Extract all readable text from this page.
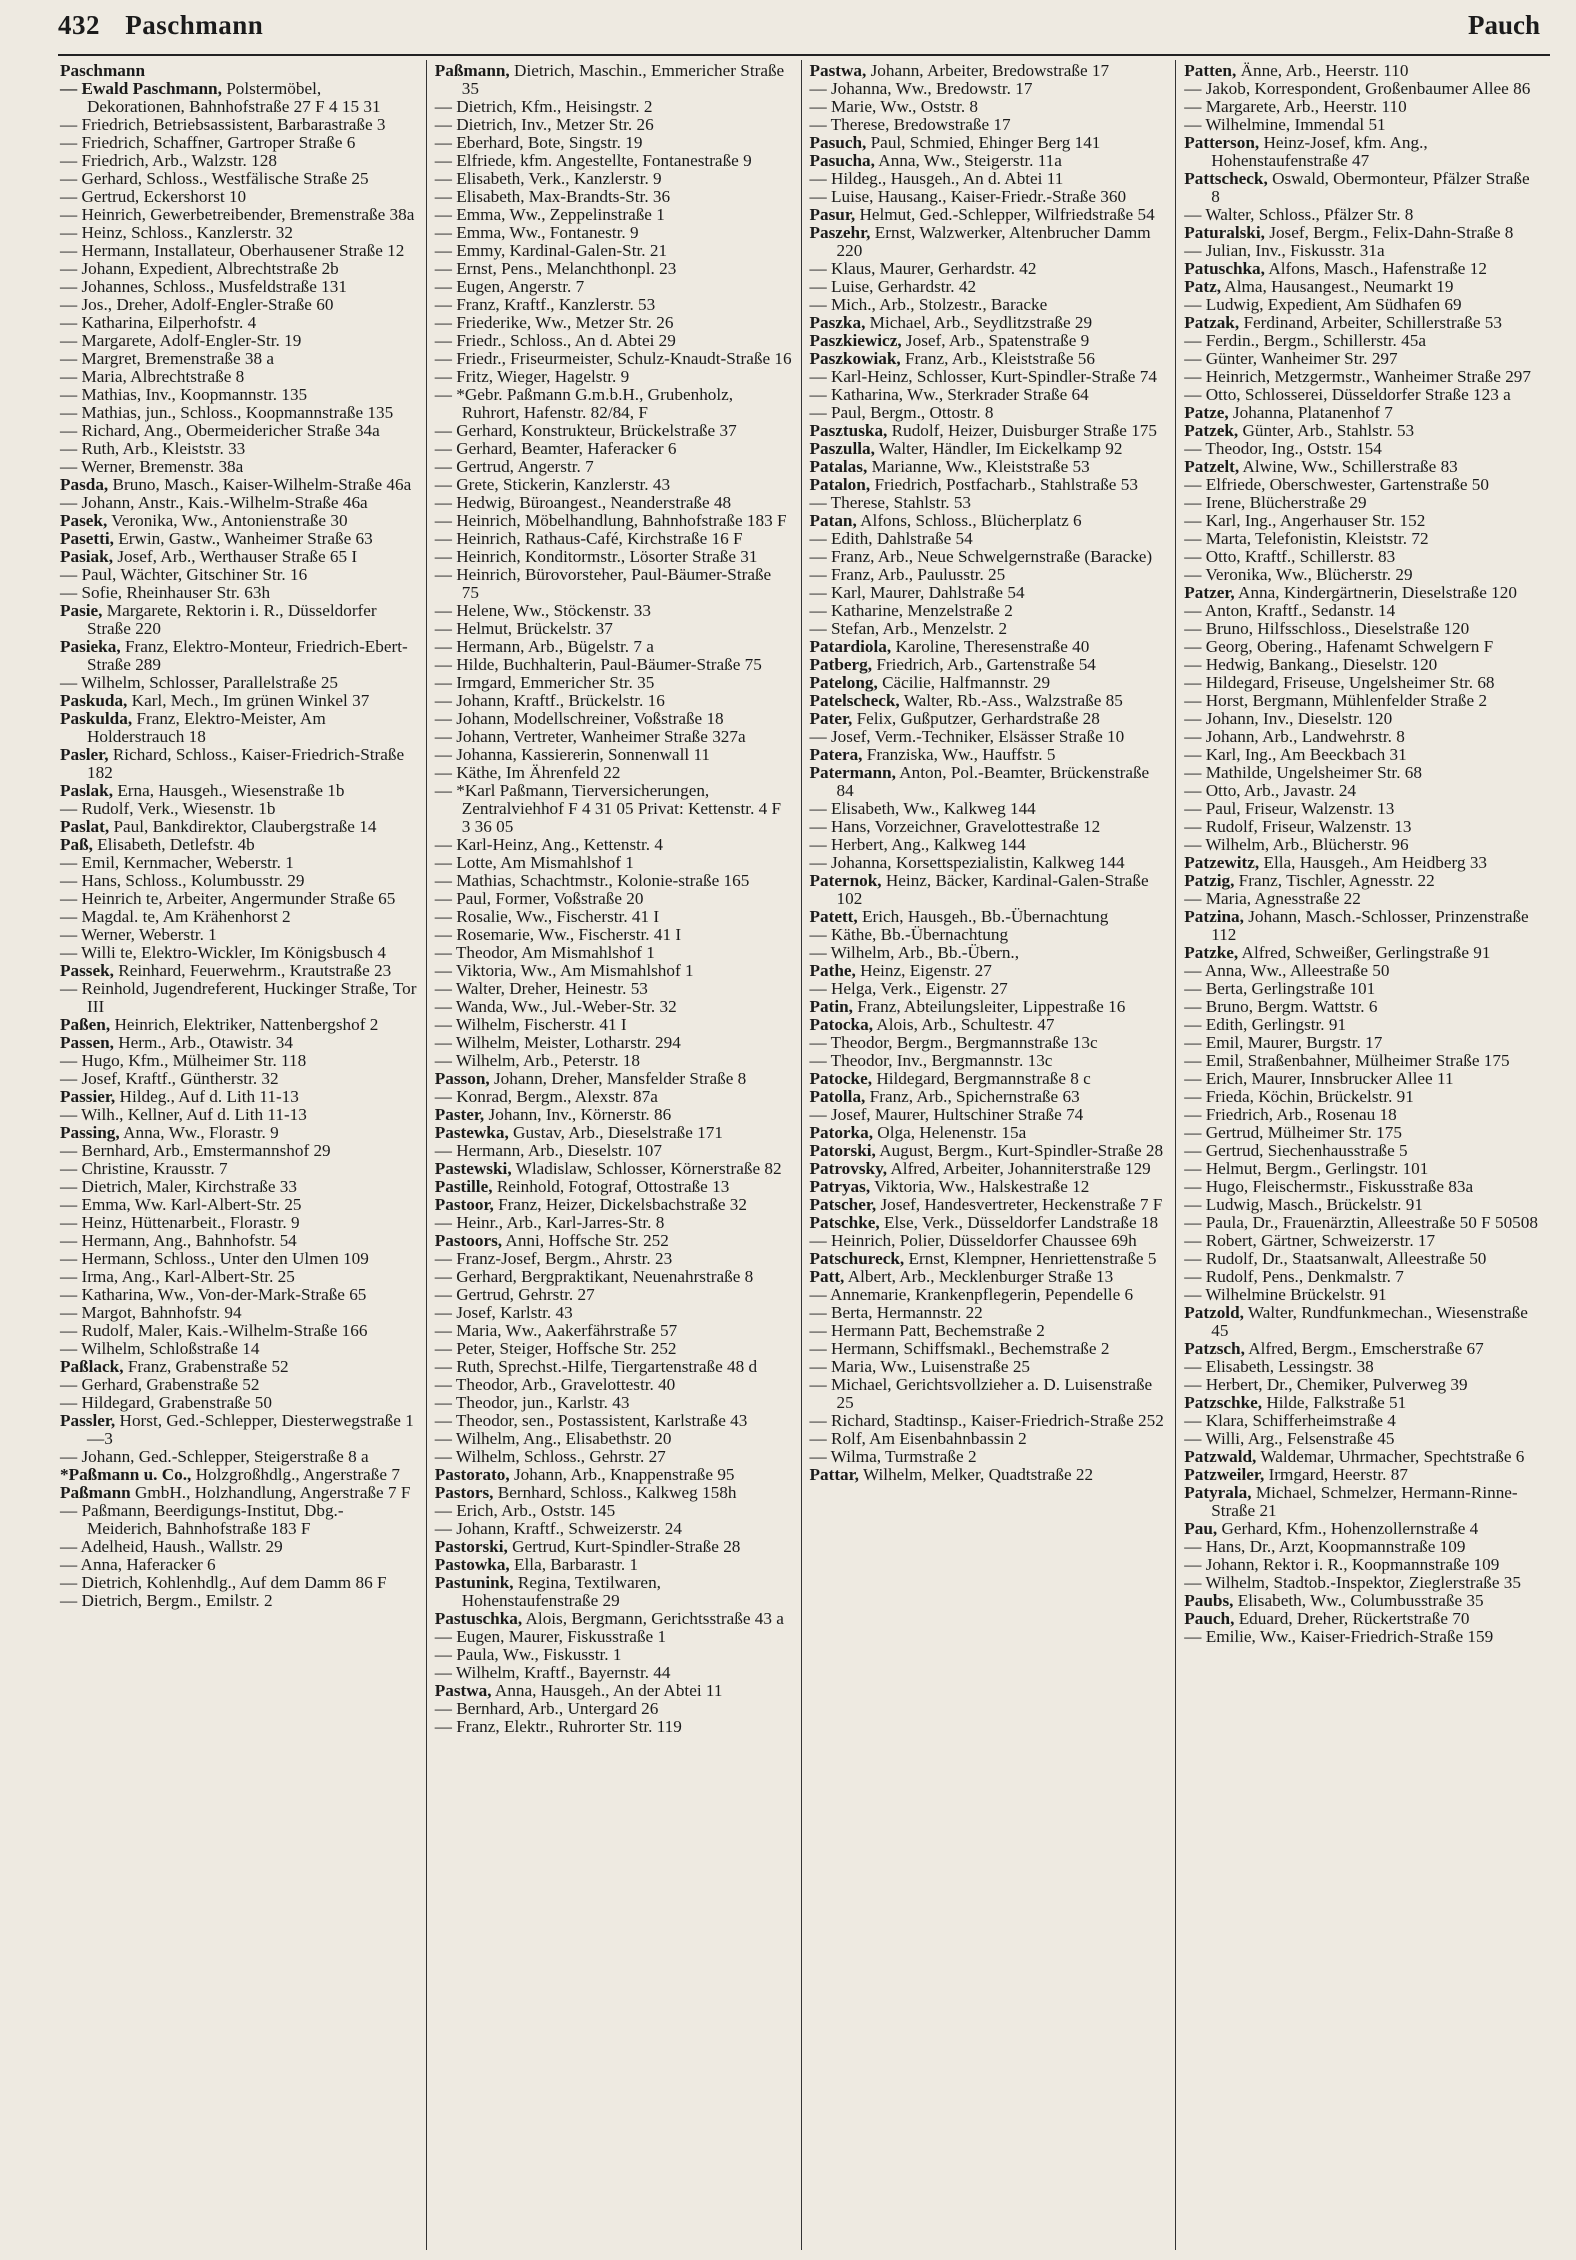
432 Paschmann	Pauch

Paschmann

— Ewald Paschmann, Polstermöbel, Dekorationen, Bahnhofstraße 27 F 4 15 31

— Friedrich, Betriebsassistent, Barbarastraße 3

— Friedrich, Schaffner, Gartroper Straße 6

— Friedrich, Arb., Walzstr. 128

— Gerhard, Schloss., Westfälische Straße 25

— Gertrud, Eckershorst 10

— Heinrich, Gewerbetreibender, Bremenstraße 38a

— Heinz, Schloss., Kanzlerstr. 32

— Hermann, Installateur, Oberhausener Straße 12

— Johann, Expedient, Albrechtstraße 2b

— Johannes, Schloss., Musfeldstraße 131

— Jos., Dreher, Adolf-Engler-Straße 60

— Katharina, Eilperhofstr. 4

— Margarete, Adolf-Engler-Str. 19

— Margret, Bremenstraße 38 a

— Maria, Albrechtstraße 8

— Mathias, Inv., Koopmannstr. 135

— Mathias, jun., Schloss., Koopmannstraße 135

— Richard, Ang., Obermeidericher Straße 34a

— Ruth, Arb., Kleiststr. 33

— Werner, Bremenstr. 38a

Pasda, Bruno, Masch., Kaiser-Wilhelm-Straße 46a

— Johann, Anstr., Kais.-Wilhelm-Straße 46a

Pasek, Veronika, Ww., Antonienstraße 30

Pasetti, Erwin, Gastw., Wanheimer Straße 63

Pasiak, Josef, Arb., Werthauser Straße 65 I

— Paul, Wächter, Gitschiner Str. 16

— Sofie, Rheinhauser Str. 63h

Pasie, Margarete, Rektorin i. R., Düsseldorfer Straße 220

Pasieka, Franz, Elektro-Monteur, Friedrich-Ebert-Straße 289

— Wilhelm, Schlosser, Parallelstraße 25

Paskuda, Karl, Mech., Im grünen Winkel 37

Paskulda, Franz, Elektro-Meister, Am Holderstrauch 18

Pasler, Richard, Schloss., Kaiser-Friedrich-Straße 182

Paslak, Erna, Hausgeh., Wiesenstraße 1b

— Rudolf, Verk., Wiesenstr. 1b

Paslat, Paul, Bankdirektor, Claubergstraße 14

Paß, Elisabeth, Detlefstr. 4b

— Emil, Kernmacher, Weberstr. 1

— Hans, Schloss., Kolumbusstr. 29

— Heinrich te, Arbeiter, Angermunder Straße 65

— Magdal. te, Am Krähenhorst 2

— Werner, Weberstr. 1

— Willi te, Elektro-Wickler, Im Königsbusch 4

Passek, Reinhard, Feuerwehrm., Krautstraße 23

— Reinhold, Jugendreferent, Huckinger Straße, Tor III

Paßen, Heinrich, Elektriker, Nattenbergshof 2

Passen, Herm., Arb., Otawistr. 34

— Hugo, Kfm., Mülheimer Str. 118

— Josef, Kraftf., Güntherstr. 32

Passier, Hildeg., Auf d. Lith 11-13

— Wilh., Kellner, Auf d. Lith 11-13

Passing, Anna, Ww., Florastr. 9

— Bernhard, Arb., Emstermannshof 29

— Christine, Krausstr. 7

— Dietrich, Maler, Kirchstraße 33

— Emma, Ww. Karl-Albert-Str. 25

— Heinz, Hüttenarbeit., Florastr. 9

— Hermann, Ang., Bahnhofstr. 54

— Hermann, Schloss., Unter den Ulmen 109

— Irma, Ang., Karl-Albert-Str. 25

— Katharina, Ww., Von-der-Mark-Straße 65

— Margot, Bahnhofstr. 94

— Rudolf, Maler, Kais.-Wilhelm-Straße 166

— Wilhelm, Schloßstraße 14

Paßlack, Franz, Grabenstraße 52

— Gerhard, Grabenstraße 52

— Hildegard, Grabenstraße 50

Passler, Horst, Ged.-Schlepper, Diesterwegstraße 1—3

— Johann, Ged.-Schlepper, Steigerstraße 8 a

*Paßmann u. Co., Holzgroßhdlg., Angerstraße 7

Paßmann GmbH., Holzhandlung, Angerstraße 7 F

— Paßmann, Beerdigungs-Institut, Dbg.-Meiderich, Bahnhofstraße 183 F

— Adelheid, Haush., Wallstr. 29

— Anna, Haferacker 6

— Dietrich, Kohlenhdlg., Auf dem Damm 86 F

— Dietrich, Bergm., Emilstr. 2

Paßmann, Dietrich, Maschin., Emmericher Straße 35

— Dietrich, Kfm., Heisingstr. 2

— Dietrich, Inv., Metzer Str. 26

— Eberhard, Bote, Singstr. 19

— Elfriede, kfm. Angestellte, Fontanestraße 9

— Elisabeth, Verk., Kanzlerstr. 9

— Elisabeth, Max-Brandts-Str. 36

— Emma, Ww., Zeppelinstraße 1

— Emma, Ww., Fontanestr. 9

— Emmy, Kardinal-Galen-Str. 21

— Ernst, Pens., Melanchthonpl. 23

— Eugen, Angerstr. 7

— Franz, Kraftf., Kanzlerstr. 53

— Friederike, Ww., Metzer Str. 26

— Friedr., Schloss., An d. Abtei 29

— Friedr., Friseurmeister, Schulz-Knaudt-Straße 16

— Fritz, Wieger, Hagelstr. 9

— *Gebr. Paßmann G.m.b.H., Grubenholz, Ruhrort, Hafenstr. 82/84, F

— Gerhard, Konstrukteur, Brückelstraße 37

— Gerhard, Beamter, Haferacker 6

— Gertrud, Angerstr. 7

— Grete, Stickerin, Kanzlerstr. 43

— Hedwig, Büroangest., Neanderstraße 48

— Heinrich, Möbelhandlung, Bahnhofstraße 183 F

— Heinrich, Rathaus-Café, Kirchstraße 16 F

— Heinrich, Konditormstr., Lösorter Straße 31

— Heinrich, Bürovorsteher, Paul-Bäumer-Straße 75

— Helene, Ww., Stöckenstr. 33

— Helmut, Brückelstr. 37

— Hermann, Arb., Bügelstr. 7 a

— Hilde, Buchhalterin, Paul-Bäumer-Straße 75

— Irmgard, Emmericher Str. 35

— Johann, Kraftf., Brückelstr. 16

— Johann, Modellschreiner, Voßstraße 18

— Johann, Vertreter, Wanheimer Straße 327a

— Johanna, Kassiererin, Sonnenwall 11

— Käthe, Im Ährenfeld 22

— *Karl Paßmann, Tierversicherungen, Zentralviehhof F 4 31 05 Privat: Kettenstr. 4 F 3 36 05

— Karl-Heinz, Ang., Kettenstr. 4

— Lotte, Am Mismahlshof 1

— Mathias, Schachtmstr., Kolonie-straße 165

— Paul, Former, Voßstraße 20

— Rosalie, Ww., Fischerstr. 41 I

— Rosemarie, Ww., Fischerstr. 41 I

— Theodor, Am Mismahlshof 1

— Viktoria, Ww., Am Mismahlshof 1

— Walter, Dreher, Heinestr. 53

— Wanda, Ww., Jul.-Weber-Str. 32

— Wilhelm, Fischerstr. 41 I

— Wilhelm, Meister, Lotharstr. 294

— Wilhelm, Arb., Peterstr. 18

Passon, Johann, Dreher, Mansfelder Straße 8

— Konrad, Bergm., Alexstr. 87a

Paster, Johann, Inv., Körnerstr. 86

Pastewka, Gustav, Arb., Dieselstraße 171

— Hermann, Arb., Dieselstr. 107

Pastewski, Wladislaw, Schlosser, Körnerstraße 82

Pastille, Reinhold, Fotograf, Ottostraße 13

Pastoor, Franz, Heizer, Dickelsbachstraße 32

— Heinr., Arb., Karl-Jarres-Str. 8

Pastoors, Anni, Hoffsche Str. 252

— Franz-Josef, Bergm., Ahrstr. 23

— Gerhard, Bergpraktikant, Neuenahrstraße 8

— Gertrud, Gehrstr. 27

— Josef, Karlstr. 43

— Maria, Ww., Aakerfährstraße 57

— Peter, Steiger, Hoffsche Str. 252

— Ruth, Sprechst.-Hilfe, Tiergartenstraße 48 d

— Theodor, Arb., Gravelottestr. 40

— Theodor, jun., Karlstr. 43

— Theodor, sen., Postassistent, Karlstraße 43

— Wilhelm, Ang., Elisabethstr. 20

— Wilhelm, Schloss., Gehrstr. 27

Pastorato, Johann, Arb., Knappenstraße 95

Pastors, Bernhard, Schloss., Kalkweg 158h

— Erich, Arb., Oststr. 145

— Johann, Kraftf., Schweizerstr. 24

Pastorski, Gertrud, Kurt-Spindler-Straße 28

Pastowka, Ella, Barbarastr. 1

Pastunink, Regina, Textilwaren, Hohenstaufenstraße 29

Pastuschka, Alois, Bergmann, Gerichtsstraße 43 a

— Eugen, Maurer, Fiskusstraße 1

— Paula, Ww., Fiskusstr. 1

— Wilhelm, Kraftf., Bayernstr. 44

Pastwa, Anna, Hausgeh., An der Abtei 11

— Bernhard, Arb., Untergard 26

— Franz, Elektr., Ruhrorter Str. 119

Pastwa, Johann, Arbeiter, Bredowstraße 17

— Johanna, Ww., Bredowstr. 17

— Marie, Ww., Oststr. 8

— Therese, Bredowstraße 17

Pasuch, Paul, Schmied, Ehinger Berg 141

Pasucha, Anna, Ww., Steigerstr. 11a

— Hildeg., Hausgeh., An d. Abtei 11

— Luise, Hausang., Kaiser-Friedr.-Straße 360

Pasur, Helmut, Ged.-Schlepper, Wilfriedstraße 54

Paszehr, Ernst, Walzwerker, Altenbrucher Damm 220

— Klaus, Maurer, Gerhardstr. 42

— Luise, Gerhardstr. 42

— Mich., Arb., Stolzestr., Baracke

Paszka, Michael, Arb., Seydlitzstraße 29

Paszkiewicz, Josef, Arb., Spatenstraße 9

Paszkowiak, Franz, Arb., Kleiststraße 56

— Karl-Heinz, Schlosser, Kurt-Spindler-Straße 74

— Katharina, Ww., Sterkrader Straße 64

— Paul, Bergm., Ottostr. 8

Pasztuska, Rudolf, Heizer, Duisburger Straße 175

Paszulla, Walter, Händler, Im Eickelkamp 92

Patalas, Marianne, Ww., Kleiststraße 53

Patalon, Friedrich, Postfacharb., Stahlstraße 53

— Therese, Stahlstr. 53

Patan, Alfons, Schloss., Blücherplatz 6

— Edith, Dahlstraße 54

— Franz, Arb., Neue Schwelgernstraße (Baracke)

— Franz, Arb., Paulusstr. 25

— Karl, Maurer, Dahlstraße 54

— Katharine, Menzelstraße 2

— Stefan, Arb., Menzelstr. 2

Patardiola, Karoline, Theresenstraße 40

Patberg, Friedrich, Arb., Gartenstraße 54

Patelong, Cäcilie, Halfmannstr. 29

Patelscheck, Walter, Rb.-Ass., Walzstraße 85

Pater, Felix, Gußputzer, Gerhardstraße 28

— Josef, Verm.-Techniker, Elsässer Straße 10

Patera, Franziska, Ww., Hauffstr. 5

Patermann, Anton, Pol.-Beamter, Brückenstraße 84

— Elisabeth, Ww., Kalkweg 144

— Hans, Vorzeichner, Gravelottestraße 12

— Herbert, Ang., Kalkweg 144

— Johanna, Korsettspezialistin, Kalkweg 144

Paternok, Heinz, Bäcker, Kardinal-Galen-Straße 102

Patett, Erich, Hausgeh., Bb.-Übernachtung

— Käthe, Bb.-Übernachtung

— Wilhelm, Arb., Bb.-Übern.,

Pathe, Heinz, Eigenstr. 27

— Helga, Verk., Eigenstr. 27

Patin, Franz, Abteilungsleiter, Lippestraße 16

Patocka, Alois, Arb., Schultestr. 47

— Theodor, Bergm., Bergmannstraße 13c

— Theodor, Inv., Bergmannstr. 13c

Patocke, Hildegard, Bergmannstraße 8 c

Patolla, Franz, Arb., Spichernstraße 63

— Josef, Maurer, Hultschiner Straße 74

Patorka, Olga, Helenenstr. 15a

Patorski, August, Bergm., Kurt-Spindler-Straße 28

Patrovsky, Alfred, Arbeiter, Johanniterstraße 129

Patryas, Viktoria, Ww., Halskestraße 12

Patscher, Josef, Handesvertreter, Heckenstraße 7 F

Patschke, Else, Verk., Düsseldorfer Landstraße 18

— Heinrich, Polier, Düsseldorfer Chaussee 69h

Patschureck, Ernst, Klempner, Henriettenstraße 5

Patt, Albert, Arb., Mecklenburger Straße 13

— Annemarie, Krankenpflegerin, Pependelle 6

— Berta, Hermannstr. 22

— Hermann Patt, Bechemstraße 2

— Hermann, Schiffsmakl., Bechemstraße 2

— Maria, Ww., Luisenstraße 25

— Michael, Gerichtsvollzieher a. D. Luisenstraße 25

— Richard, Stadtinsp., Kaiser-Friedrich-Straße 252

— Rolf, Am Eisenbahnbassin 2

— Wilma, Turmstraße 2

Pattar, Wilhelm, Melker, Quadtstraße 22

Patten, Änne, Arb., Heerstr. 110

— Jakob, Korrespondent, Großenbaumer Allee 86

— Margarete, Arb., Heerstr. 110

— Wilhelmine, Immendal 51

Patterson, Heinz-Josef, kfm. Ang., Hohenstaufenstraße 47

Pattscheck, Oswald, Obermonteur, Pfälzer Straße 8

— Walter, Schloss., Pfälzer Str. 8

Paturalski, Josef, Bergm., Felix-Dahn-Straße 8

— Julian, Inv., Fiskusstr. 31a

Patuschka, Alfons, Masch., Hafenstraße 12

Patz, Alma, Hausangest., Neumarkt 19

— Ludwig, Expedient, Am Südhafen 69

Patzak, Ferdinand, Arbeiter, Schillerstraße 53

— Ferdin., Bergm., Schillerstr. 45a

— Günter, Wanheimer Str. 297

— Heinrich, Metzgermstr., Wanheimer Straße 297

— Otto, Schlosserei, Düsseldorfer Straße 123 a

Patze, Johanna, Platanenhof 7

Patzek, Günter, Arb., Stahlstr. 53

— Theodor, Ing., Oststr. 154

Patzelt, Alwine, Ww., Schillerstraße 83

— Elfriede, Oberschwester, Gartenstraße 50

— Irene, Blücherstraße 29

— Karl, Ing., Angerhauser Str. 152

— Marta, Telefonistin, Kleiststr. 72

— Otto, Kraftf., Schillerstr. 83

— Veronika, Ww., Blücherstr. 29

Patzer, Anna, Kindergärtnerin, Dieselstraße 120

— Anton, Kraftf., Sedanstr. 14

— Bruno, Hilfsschloss., Dieselstraße 120

— Georg, Obering., Hafenamt Schwelgern F

— Hedwig, Bankang., Dieselstr. 120

— Hildegard, Friseuse, Ungelsheimer Str. 68

— Horst, Bergmann, Mühlenfelder Straße 2

— Johann, Inv., Dieselstr. 120

— Johann, Arb., Landwehrstr. 8

— Karl, Ing., Am Beeckbach 31

— Mathilde, Ungelsheimer Str. 68

— Otto, Arb., Javastr. 24

— Paul, Friseur, Walzenstr. 13

— Rudolf, Friseur, Walzenstr. 13

— Wilhelm, Arb., Blücherstr. 96

Patzewitz, Ella, Hausgeh., Am Heidberg 33

Patzig, Franz, Tischler, Agnesstr. 22

— Maria, Agnesstraße 22

Patzina, Johann, Masch.-Schlosser, Prinzenstraße 112

Patzke, Alfred, Schweißer, Gerlingstraße 91

— Anna, Ww., Alleestraße 50

— Berta, Gerlingstraße 101

— Bruno, Bergm. Wattstr. 6

— Edith, Gerlingstr. 91

— Emil, Maurer, Burgstr. 17

— Emil, Straßenbahner, Mülheimer Straße 175

— Erich, Maurer, Innsbrucker Allee 11

— Frieda, Köchin, Brückelstr. 91

— Friedrich, Arb., Rosenau 18

— Gertrud, Mülheimer Str. 175

— Gertrud, Siechenhausstraße 5

— Helmut, Bergm., Gerlingstr. 101

— Hugo, Fleischermstr., Fiskusstraße 83a

— Ludwig, Masch., Brückelstr. 91

— Paula, Dr., Frauenärztin, Alleestraße 50 F 50508

— Robert, Gärtner, Schweizerstr. 17

— Rudolf, Dr., Staatsanwalt, Alleestraße 50

— Rudolf, Pens., Denkmalstr. 7

— Wilhelmine Brückelstr. 91

Patzold, Walter, Rundfunkmechan., Wiesenstraße 45

Patzsch, Alfred, Bergm., Emscherstraße 67

— Elisabeth, Lessingstr. 38

— Herbert, Dr., Chemiker, Pulverweg 39

Patzschke, Hilde, Falkstraße 51

— Klara, Schifferheimstraße 4

— Willi, Arg., Felsenstraße 45

Patzwald, Waldemar, Uhrmacher, Spechtstraße 6

Patzweiler, Irmgard, Heerstr. 87

Patyrala, Michael, Schmelzer, Hermann-Rinne-Straße 21

Pau, Gerhard, Kfm., Hohenzollernstraße 4

— Hans, Dr., Arzt, Koopmannstraße 109

— Johann, Rektor i. R., Koopmannstraße 109

— Wilhelm, Stadtob.-Inspektor, Zieglerstraße 35

Paubs, Elisabeth, Ww., Columbusstraße 35

Pauch, Eduard, Dreher, Rückertstraße 70

— Emilie, Ww., Kaiser-Friedrich-Straße 159
